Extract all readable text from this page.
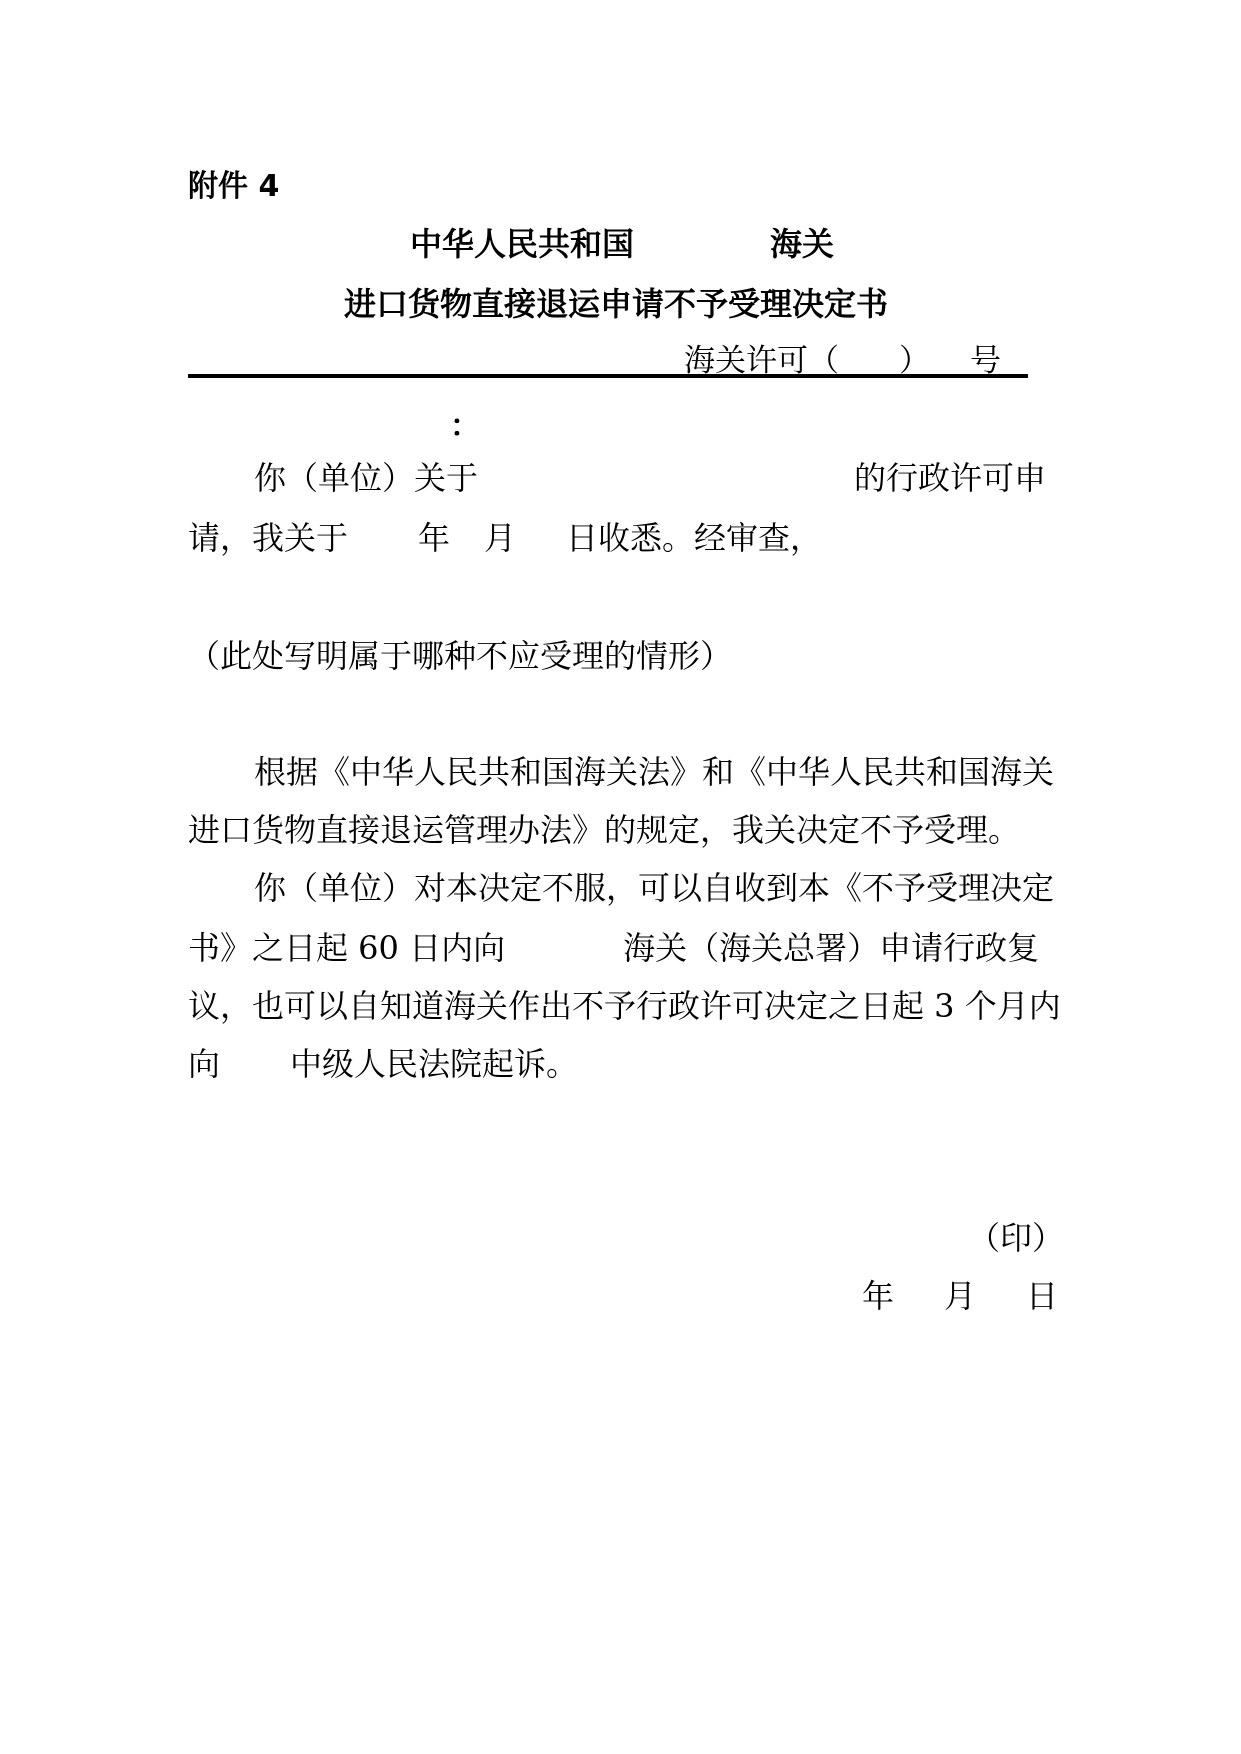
附件 4
中华人民共和国	海关
进口货物直接退运申请不予受理决定书
海关许可（ ） 号
：
你（单位）关于	的行政许可申
请，我关于 年 月 日收悉。经审查，
（此处写明属于哪种不应受理的情形）
根据《中华人民共和国海关法》和《中华人民共和国海关
进口货物直接退运管理办法》的规定，我关决定不予受理。
你（单位）对本决定不服，可以自收到本《不予受理决定
书》之日起 60 日内向	海关（海关总署）申请行政复
议，也可以自知道海关作出不予行政许可决定之日起 3 个月内
向 中级人民法院起诉。
（印）
年 月 日
